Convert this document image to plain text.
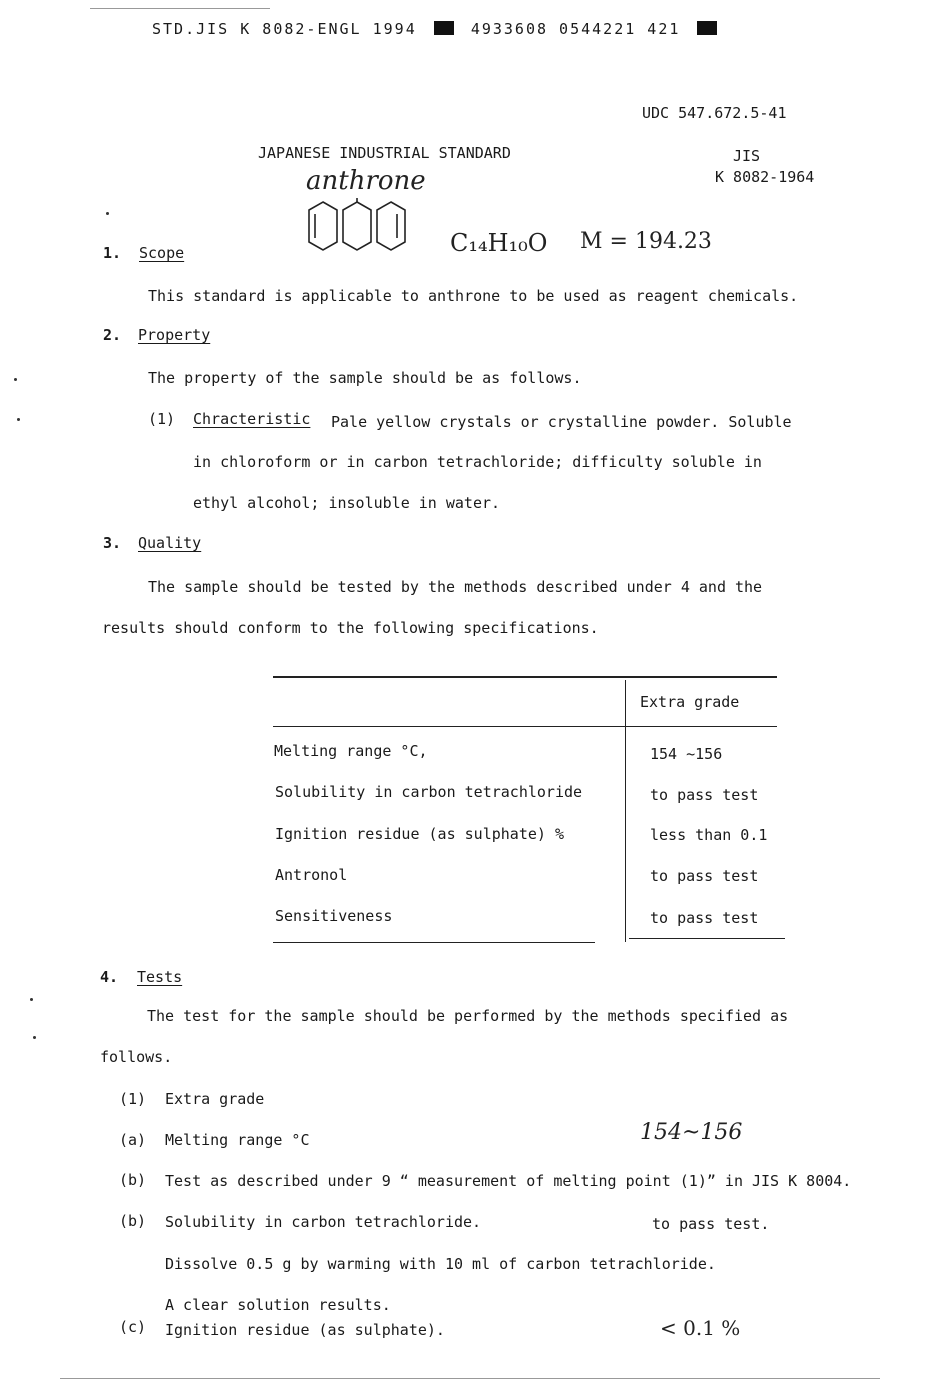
STD.JIS K 8082-ENGL 1994	4933608 0544221 421
UDC 547.672.5-41
JAPANESE INDUSTRIAL STANDARD	JIS
K 8082-1964
anthrone
C₁₄H₁₀O M = 194.23
1. Scope
This standard is applicable to anthrone to be used as reagent chemicals.
2. Property
The property of the sample should be as follows.
(1) Chracteristic Pale yellow crystals or crystalline powder. Soluble
in chloroform or in carbon tetrachloride; difficulty soluble in
ethyl alcohol; insoluble in water.
3. Quality
The sample should be tested by the methods described under 4 and the
results should conform to the following specifications.
Extra grade
Melting range °C,	154 ~156
Solubility in carbon tetrachloride	to pass test
Ignition residue (as sulphate) %	less than 0.1
Antronol	to pass test
Sensitiveness	to pass test
4. Tests
The test for the sample should be performed by the methods specified as
follows.
(1) Extra grade
(a) Melting range °C	154~156
(b) Test as described under 9 “ measurement of melting point (1)” in JIS K 8004.
(b) Solubility in carbon tetrachloride.	to pass test.
Dissolve 0.5 g by warming with 10 ml of carbon tetrachloride.
A clear solution results.
(c) Ignition residue (as sulphate).	< 0.1 %
